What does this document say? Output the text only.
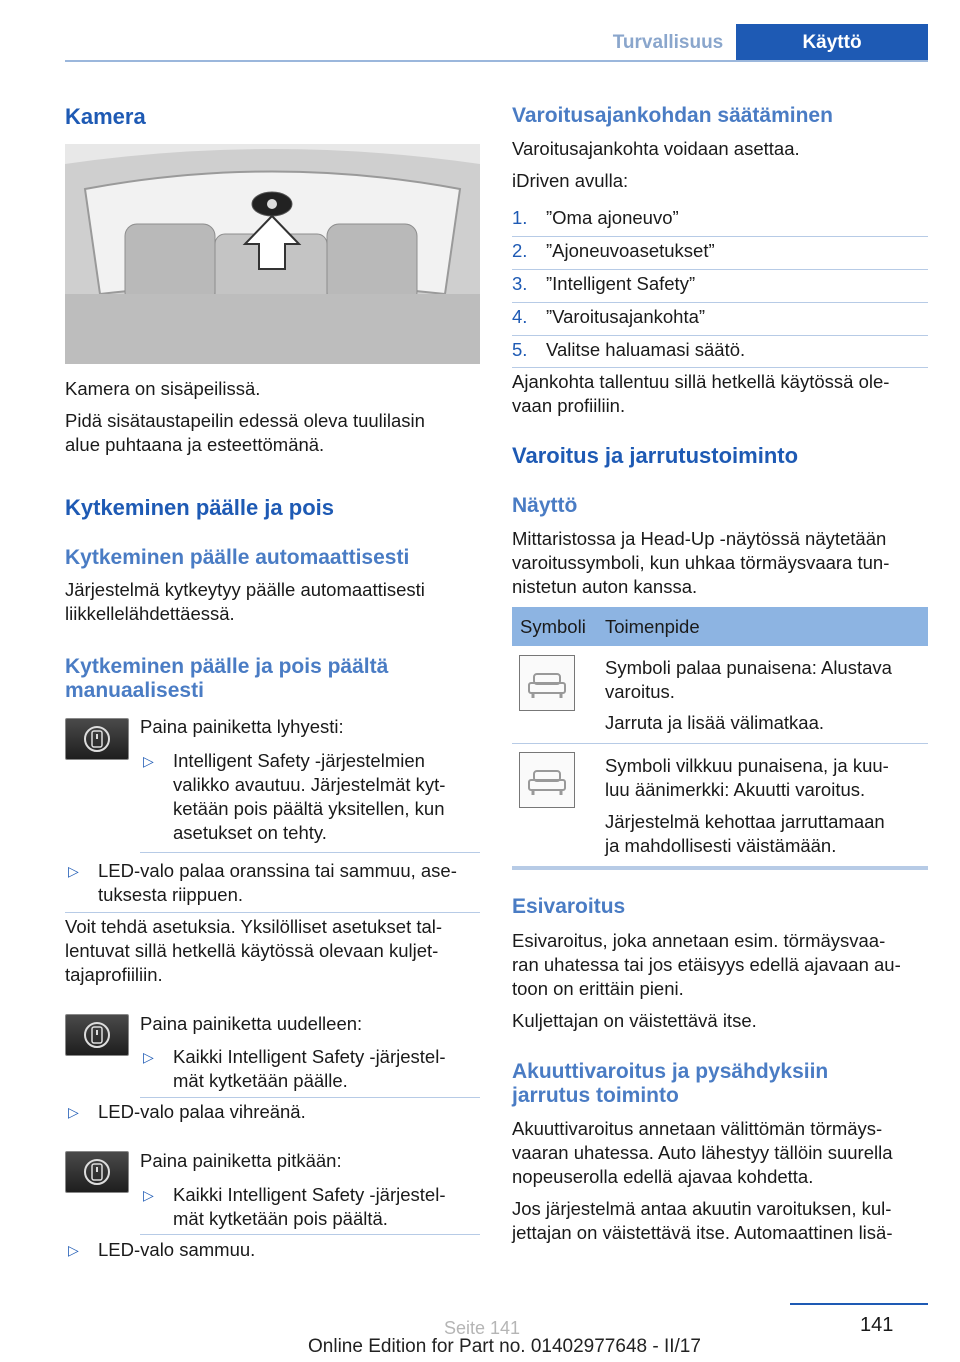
Turvallisuus	Käyttö
Kamera

Kamera on sisäpeilissä.

Pidä sisätaustapeilin edessä oleva tuulilasin

alue puhtaana ja esteettömänä.

Kytkeminen päälle ja pois
Kytkeminen päälle automaattisesti

Järjestelmä kytkeytyy päälle automaattisesti

liikkellelähdettäessä.

Kytkeminen päälle ja pois päältä
manuaalisesti

Paina painiketta lyhyesti:

▷ Intelligent Safety -järjestelmien
valikko avautuu. Järjestelmät kyt‐
ketään pois päältä yksitellen, kun
asetukset on tehty.
▷ LED-valo palaa oranssina tai sammuu, ase‐
tuksesta riippuen.

Voit tehdä asetuksia. Yksilölliset asetukset tal‐

lentuvat sillä hetkellä käytössä olevaan kuljet‐

tajaprofiiliin.

Paina painiketta uudelleen:

▷ Kaikki Intelligent Safety -järjestel‐
mät kytketään päälle.
▷ LED-valo palaa vihreänä.

Paina painiketta pitkään:

▷ Kaikki Intelligent Safety -järjestel‐
mät kytketään pois päältä.
▷ LED-valo sammuu.
Varoitusajankohdan säätäminen

Varoitusajankohta voidaan asettaa.

iDriven avulla:

1. ”Oma ajoneuvo”
2. ”Ajoneuvoasetukset”
3. ”Intelligent Safety”
4. ”Varoitusajankohta”
5. Valitse haluamasi säätö.

Ajankohta tallentuu sillä hetkellä käytössä ole‐

vaan profiiliin.

Varoitus ja jarrutustoiminto
Näyttö

Mittaristossa ja Head-Up -näytössä näytetään

varoitussymboli, kun uhkaa törmäysvaara tun‐

nistetun auton kanssa.

Symboli Toimenpide

Symboli palaa punaisena: Alustava

varoitus.

Jarruta ja lisää välimatkaa.

Symboli vilkkuu punaisena, ja kuu‐

luu äänimerkki: Akuutti varoitus.

Järjestelmä kehottaa jarruttamaan

ja mahdollisesti väistämään.

Esivaroitus

Esivaroitus, joka annetaan esim. törmäysvaa‐

ran uhatessa tai jos etäisyys edellä ajavaan au‐

toon on erittäin pieni.

Kuljettajan on väistettävä itse.

Akuuttivaroitus ja pysähdyksiin
jarrutus toiminto

Akuuttivaroitus annetaan välittömän törmäys‐

vaaran uhatessa. Auto lähestyy tällöin suurella

nopeuserolla edellä ajavaa kohdetta.

Jos järjestelmä antaa akuutin varoituksen, kul‐

jettajan on väistettävä itse. Automaattinen lisä‐

141
Online Edition for Part no. 01402977648 - II/17
Seite 141
